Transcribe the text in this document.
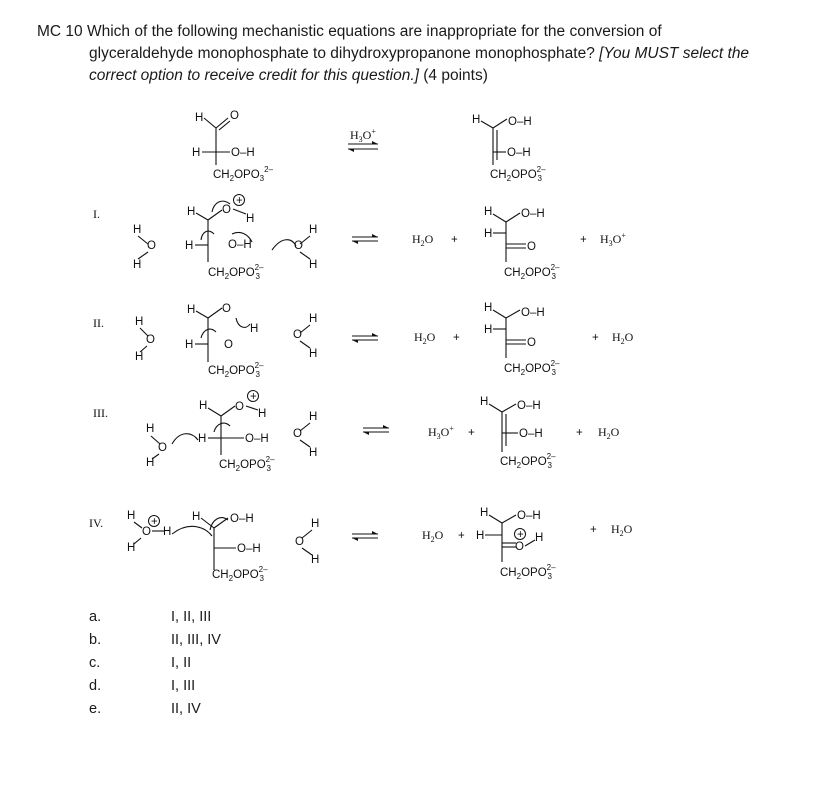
MC 10 Which of the following mechanistic equations are inappropriate for the conversion of
glyceraldehyde monophosphate to dihydroxypropanone monophosphate? [You MUST select the
correct option to receive credit for this question.] (4 points)
H O
H	O–H
$CH_2OPO_3^{2-}$
$H_3O^+$
H O–H
O–H
$CH_2OPO^{2-}$ 3
I.
H
O
H
H O
+
H
H	O–H
$CH_2OPO^{2-}$ 3
H
O
H
$H_2O$ +
H O–H
H
O
$CH_2OPO^{2-}$ 3
+ $H_3O^+$
II.	H
O
H
H O
H
H	O
$CH_2OPO^{2-}$ 3
H
O
H
$H_2O$ +
H O–H
H
O
$CH_2OPO^{2-}$ 3
+ $H_2O$
III.
H
O
H
H O
+
H
H	O–H
$CH_2OPO^{2-}$ 3
H
O
H
$H_3O^+$ +
H O–H
O–H
$CH_2OPO^{2-}$ 3
+ $H_2O$
IV. H +
O H
H
H	O–H
O–H
$CH_2OPO^{2-}$ 3
H
O
H
$H_2O + H$
H O–H
+
O
H
$CH_2OPO^{2-}$ 3
+ $H_2O$
a.	I, II, III
b.	II, III, IV
c.	I, II
d.	I, III
e.	II, IV
